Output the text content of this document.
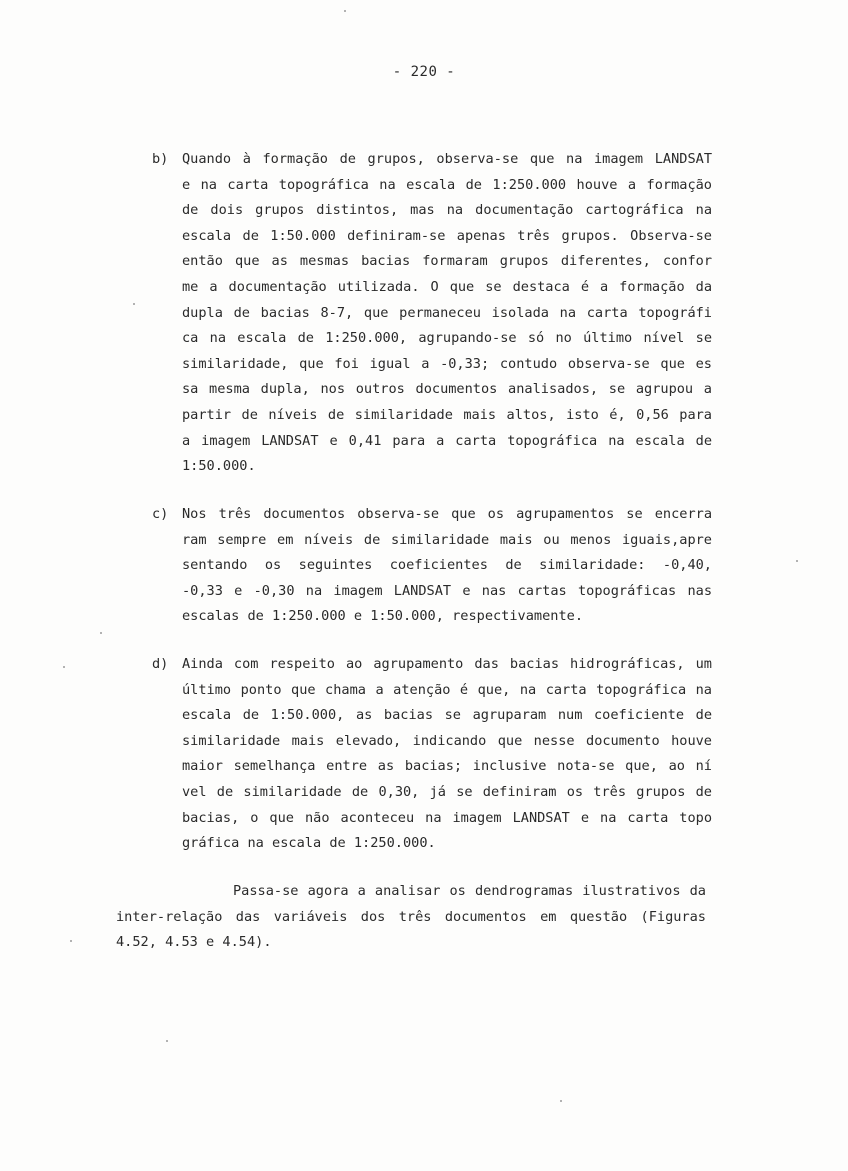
- 220 -
b)	Quando à formação de grupos, observa-se que na imagem LANDSAT
e na carta topográfica na escala de 1:250.000 houve a formação
de dois grupos distintos, mas na documentação cartográfica na
escala de 1:50.000 definiram-se apenas três grupos. Observa-se
então que as mesmas bacias formaram grupos diferentes, confor
me a documentação utilizada. O que se destaca é a formação da
dupla de bacias 8-7, que permaneceu isolada na carta topográfi
ca na escala de 1:250.000, agrupando-se só no último nível se
similaridade, que foi igual a -0,33; contudo observa-se que es
sa mesma dupla, nos outros documentos analisados, se agrupou a
partir de níveis de similaridade mais altos, isto é, 0,56 para
a imagem LANDSAT e 0,41 para a carta topográfica na escala de
1:50.000.
c)	Nos três documentos observa-se que os agrupamentos se encerra
ram sempre em níveis de similaridade mais ou menos iguais,apre
sentando os seguintes coeficientes de similaridade: -0,40,
-0,33 e -0,30 na imagem LANDSAT e nas cartas topográficas nas
escalas de 1:250.000 e 1:50.000, respectivamente.
d)	Ainda com respeito ao agrupamento das bacias hidrográficas, um
último ponto que chama a atenção é que, na carta topográfica na
escala de 1:50.000, as bacias se agruparam num coeficiente de
similaridade mais elevado, indicando que nesse documento houve
maior semelhança entre as bacias; inclusive nota-se que, ao ní
vel de similaridade de 0,30, já se definiram os três grupos de
bacias, o que não aconteceu na imagem LANDSAT e na carta topo
gráfica na escala de 1:250.000.
Passa-se agora a analisar os dendrogramas ilustrativos da
inter-relação das variáveis dos três documentos em questão (Figuras
4.52, 4.53 e 4.54).
